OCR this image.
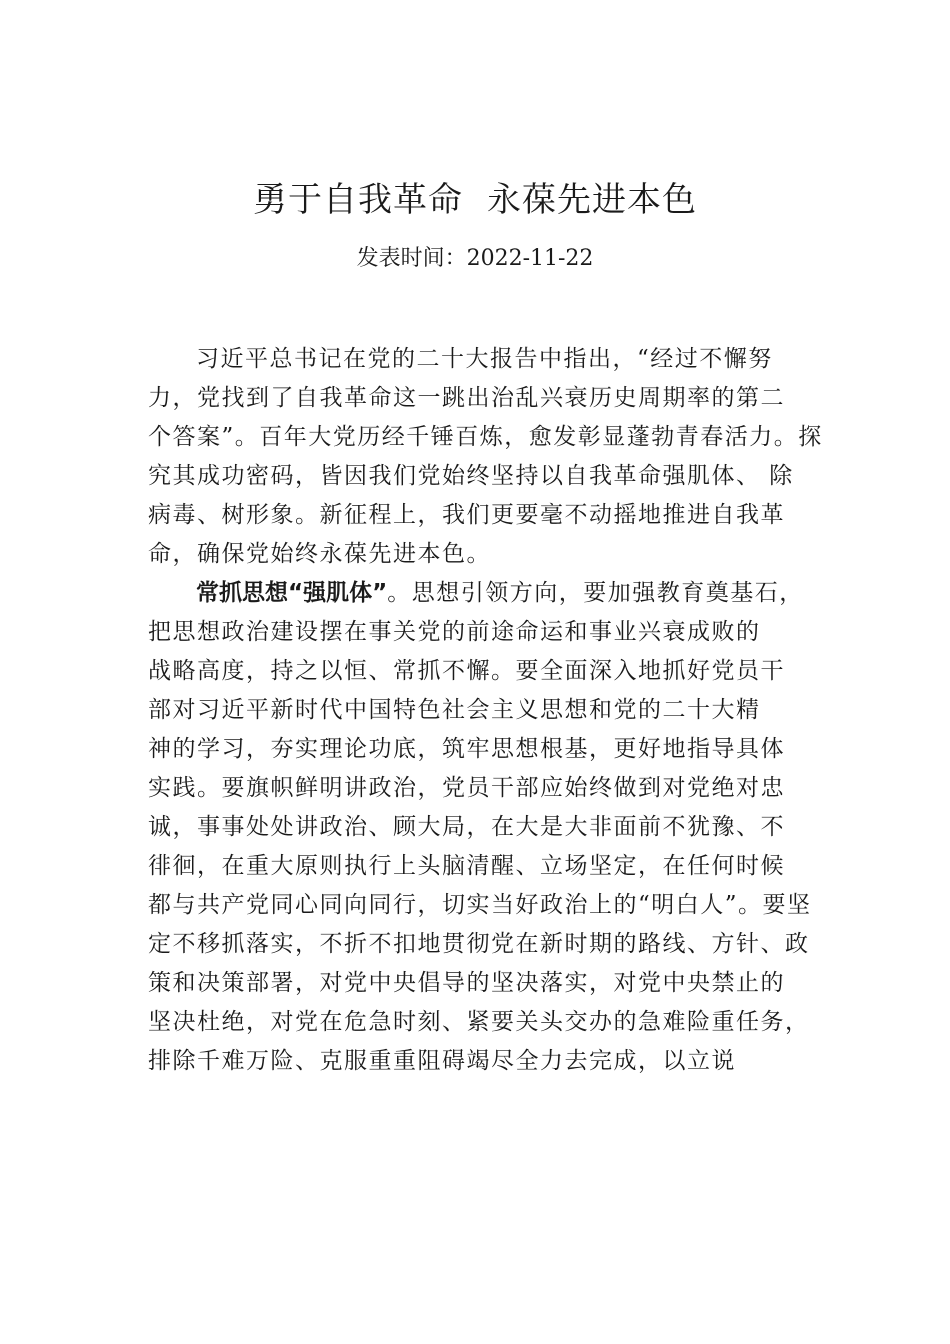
勇于自我革命 永葆先进本色
发表时间：2022-11-22
习近平总书记在党的二十大报告中指出，“经过不懈努
力，党找到了自我革命这一跳出治乱兴衰历史周期率的第二
个答案”。百年大党历经千锤百炼，愈发彰显蓬勃青春活力。探
究其成功密码，皆因我们党始终坚持以自我革命强肌体、 除
病毒、树形象。新征程上，我们更要毫不动摇地推进自我革
命，确保党始终永葆先进本色。
常抓思想“强肌体”。思想引领方向，要加强教育奠基石，
把思想政治建设摆在事关党的前途命运和事业兴衰成败的
战略高度，持之以恒、常抓不懈。要全面深入地抓好党员干
部对习近平新时代中国特色社会主义思想和党的二十大精
神的学习，夯实理论功底，筑牢思想根基，更好地指导具体
实践。要旗帜鲜明讲政治，党员干部应始终做到对党绝对忠
诚，事事处处讲政治、顾大局，在大是大非面前不犹豫、不
徘徊，在重大原则执行上头脑清醒、立场坚定，在任何时候
都与共产党同心同向同行，切实当好政治上的“明白人”。要坚
定不移抓落实，不折不扣地贯彻党在新时期的路线、方针、政
策和决策部署，对党中央倡导的坚决落实，对党中央禁止的
坚决杜绝，对党在危急时刻、紧要关头交办的急难险重任务，
排除千难万险、克服重重阻碍竭尽全力去完成，以立说
